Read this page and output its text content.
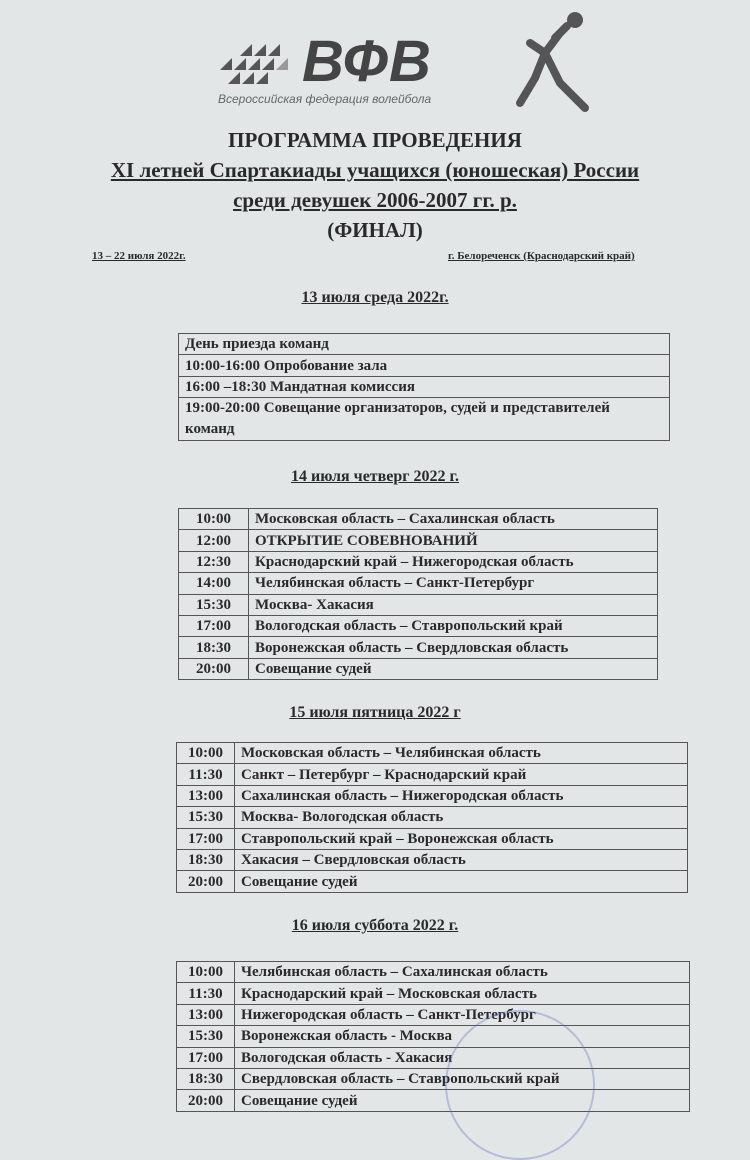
ВФВ
Всероссийская федерация волейбола
ПРОГРАММА ПРОВЕДЕНИЯ
XI летней Спартакиады учащихся (юношеская) России
среди девушек 2006-2007 гг. р.
(ФИНАЛ)
13 – 22 июля 2022г.	г. Белореченск (Краснодарский край)
13 июля среда 2022г.
День приезда команд
10:00-16:00 Опробование зала
16:00 –18:30 Мандатная комиссия
19:00-20:00 Совещание организаторов, судей и представителей команд
14 июля четверг 2022 г.
10:00	Московская область – Сахалинская область
12:00	ОТКРЫТИЕ СОВЕВНОВАНИЙ
12:30	Краснодарский край – Нижегородская область
14:00	Челябинская область – Санкт-Петербург
15:30	Москва- Хакасия
17:00	Вологодская область – Ставропольский край
18:30	Воронежская область – Свердловская область
20:00	Совещание судей
15 июля пятница 2022 г
10:00	Московская область – Челябинская область
11:30	Санкт – Петербург – Краснодарский край
13:00	Сахалинская область – Нижегородская область
15:30	Москва- Вологодская область
17:00	Ставропольский край – Воронежская область
18:30	Хакасия – Свердловская область
20:00	Совещание судей
16 июля суббота 2022 г.
10:00	Челябинская область – Сахалинская область
11:30	Краснодарский край – Московская область
13:00	Нижегородская область – Санкт-Петербург
15:30	Воронежская область - Москва
17:00	Вологодская область - Хакасия
18:30	Свердловская область – Ставропольский край
20:00	Совещание судей
